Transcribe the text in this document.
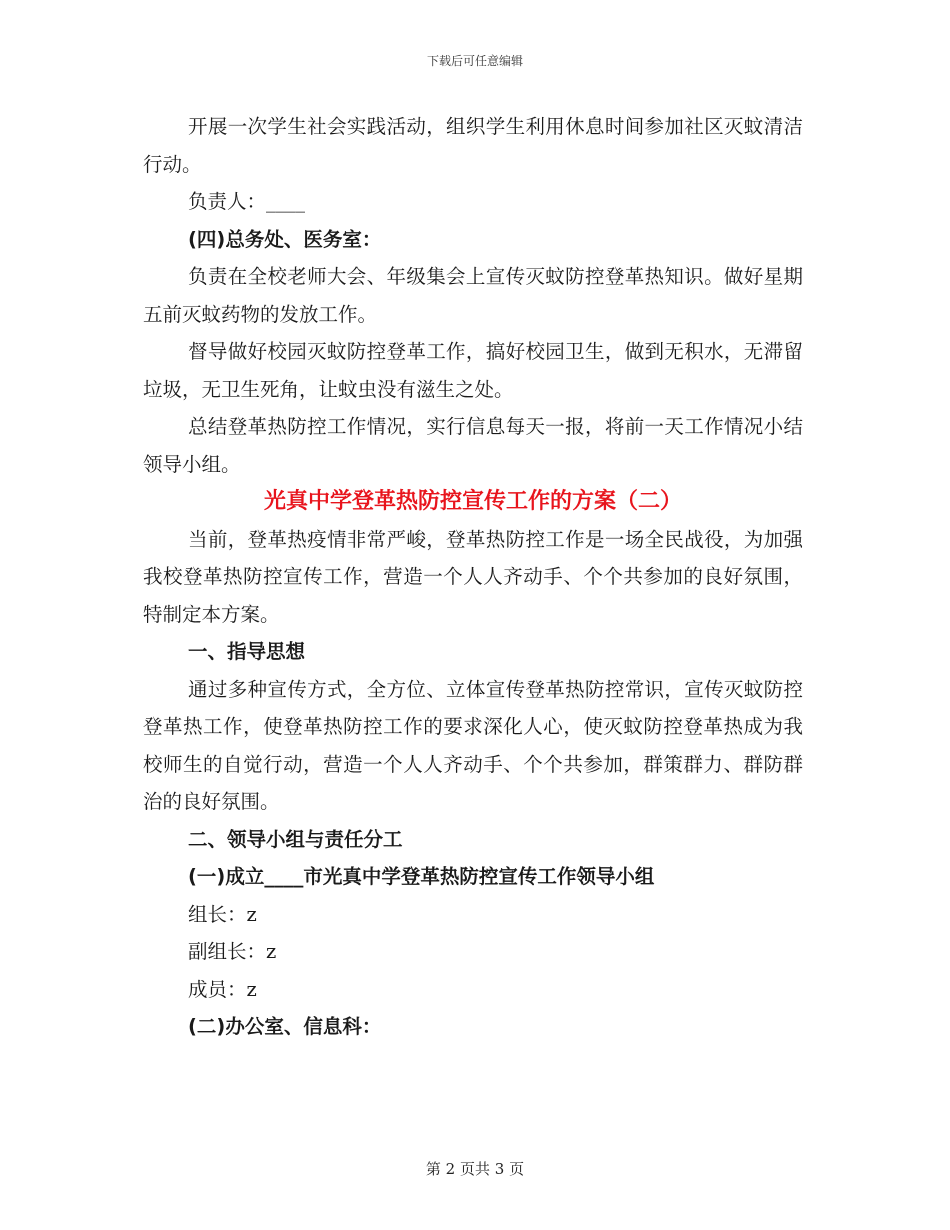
下载后可任意编辑

开展一次学生社会实践活动，组织学生利用休息时间参加社区灭蚊清洁行动。

负责人：____

(四)总务处、医务室：

负责在全校老师大会、年级集会上宣传灭蚊防控登革热知识。做好星期五前灭蚊药物的发放工作。

督导做好校园灭蚊防控登革工作，搞好校园卫生，做到无积水，无滞留垃圾，无卫生死角，让蚊虫没有滋生之处。

总结登革热防控工作情况，实行信息每天一报，将前一天工作情况小结领导小组。

光真中学登革热防控宣传工作的方案（二）

当前，登革热疫情非常严峻，登革热防控工作是一场全民战役，为加强我校登革热防控宣传工作，营造一个人人齐动手、个个共参加的良好氛围，特制定本方案。

一、指导思想

通过多种宣传方式，全方位、立体宣传登革热防控常识，宣传灭蚊防控登革热工作，使登革热防控工作的要求深化人心，使灭蚊防控登革热成为我校师生的自觉行动，营造一个人人齐动手、个个共参加，群策群力、群防群治的良好氛围。

二、领导小组与责任分工

(一)成立____市光真中学登革热防控宣传工作领导小组

组长：z

副组长：z

成员：z

(二)办公室、信息科：

第 2 页共 3 页
